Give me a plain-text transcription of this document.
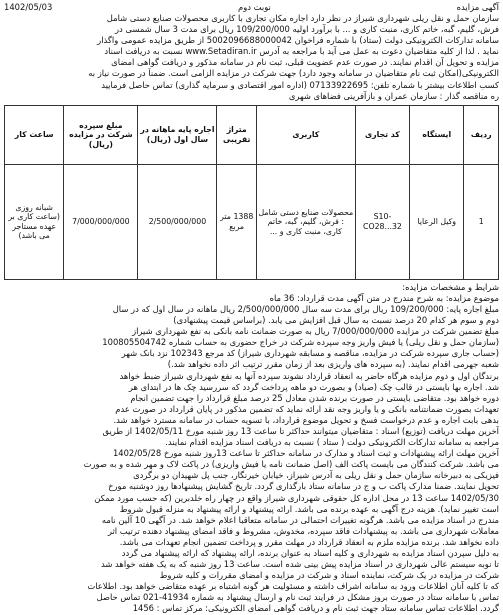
آگهی مزایده
نوبت دوم
1402/05/03
سازمان حمل و نقل ریلی شهرداری شیراز در نظر دارد اجاره مکان تجاری با کاربری محصولات صنایع دستی شامل
فرش، گلیم، گبه، خاتم کاری، منبت کاری و ... با برآورد اولیه 109/200/000 ریال برای مدت 3 سال شمسی در
سامانه تدارکات الکترونیکی دولت (ستاد) با شماره فراخوان 5002096688000042 از طریق مزایده عمومی واگذار
نماید . لذا از کلیه متقاضیان دعوت به عمل می آید با مراجعه به آدرس www.Setadiran.ir نسبت به دریافت اسناد
مزایده و تحویل آن اقدام نمایند. در صورت عدم عضویت قبلی، ثبت نام در سامانه مذکور و دریافت گواهی امضای
الکترونیکی(امکان ثبت نام متقاضیان در سامانه وجود دارد) جهت شرکت در مزایده الزامی است. ضمناً در صورت نیاز به
کسب اطلاعات بیشتر با شماره تلفن: 07133922695 (اداره امور اقتصادی و سرمایه گذاری) تماس حاصل فرمایید
ره مناقصه گذار : سازمان عمران و بازآفرینی فضاهای شهری
ردیف	ایستگاه	کد تجاری	کاربری	متراژ تقریبی	اجاره پایه ماهانه در سال اول (ریال)	مبلغ سپرده شرکت در مزایده (ریال)	ساعت کار
1	وکیل الرعایا	S10-CO28...32	محصولات صنایع دستی شامل : فرش، گلیم، گبه، خاتم کاری، منبت کاری و ...	1388 متر مربع	2/500/000/000	7/000/000/000	شبانه روزی (ساعت کاری بر عهده مستاجر می باشد)
شرایط و مشخصات مزایده:
موضوع مزایده: به شرح مندرج در متن آگهی مدت قرارداد: 36 ماه
مبلغ اجاره پایه: 109/200/000 ریال برای مدت سه سال 2/500/000/000 ریال ماهانه در سال اول که در سال
دوم و سوم هر کدام 20 درصد نسبت به سال قبل افزایش می یابد. (براساس قیمت پیشنهادی)
مبلغ تضمین شرکت در مزایده 7/000/000/000 ریال به صورت ضمانت نامه بانکی به نفع شهرداری شیراز
(سازمان حمل و نقل ریلی) یا فیش واریز وجه سپرده شرکت در خراج حضوری به حساب شماره 100805504742
(حساب جاری سپرده شرکت در مزایده، مناقصه و مسابقه شهرداری شیراز) کد مرجع 102343 نزد بانک شهر
شعبه جهرمی اقدام نمایند. (به سپرده های واریزی بعد از زمان مقرر ترتیب اثر داده نخواهد شد.)
برندگان اول و دوم مزایده هرگاه حاضر به انعقاد قرارداد نشوند سپرده آنها به نفع شهرداری شیراز ضبط خواهد
شد. اجاره بها بایستی در قالب چک (صیاد) و بصورت دو ماهه پرداخت گردد که سررسید چک ها در ابتدای هر
دوره خواهد بود. متقاضی بایستی در صورت برنده شدن معادل 25 درصد مبلغ قرارداد را جهت تضمین انجام
تعهدات بصورت ضمانتنامه بانکی و یا واریز وجه نقد ارائه نماید که تضمین مذکور در پایان قرارداد در صورت عدم
بدهی بابت اجاره و عدم درخواست فسخ و تحویل موضوع قرارداد، با تسویه حساب در سامانه مسترد خواهد شد.
آخرین مهلت دریافت (توزیع) اسناد : متقاضیان میتوانند حداکثر تا ساعت 13 روز شنبه مورخ 1402/05/11 از طریق
مراجعه به سامانه تدارکات الکترونیکی دولت ( ستاد ) نسبت به دریافت اسناد مزایده اقدام نمایند.
آخرین مهلت ارائه پیشنهادات و ثبت اسناد و مدارک در سامانه حداکثر تا ساعت 13روز شنبه مورخ 1402/05/28
می باشد. شرکت کنندگان می بایست پاکت الف (اصل ضمانت نامه یا فیش واریزی) در پاکت لاک و مهر شده و به صورت
فیزیکی به دبیرخانه سازمان حمل و نقل ریلی به آدرس شیراز، خیابان خیرنگار، جنب پل شهیدان دو برگردی
تحویل نمایند. ضمنا مدارک پاکت ب و ج در سامانه ستاد بارگذاری گردد. تاریخ گشایش پیشنهادها روز دوشنبه مورخ
1402/05/30 ساعت 13 در محل اداره کل حقوقی شهرداری شیراز واقع در چهار راه خلدبرین (که حسب مورد ممکن
است تغییر نماید). هزینه درج آگهی به عهده برنده می باشد. ارائه پیشنهاد و ارائه پیشنهاد به منزله قبول شروط
مندرج در اسناد مزایده می باشد. هرگونه تغییرات احتمالی در سامانه متعاقبا اعلام خواهد شد. در آگهی 10 آلین نامه
معاملات شهرداری می باشد. به پیشنهادات فاقد سپرده، مخدوش، مشروط و فاقد امضای پیشنهاد دهنده ترتیب اثر
داده نخواهد شد. برنده مزایده ملزم به انعقاد قرارداد در مهلت مقرر و پرداخت تضمین انجام تعهدات می باشد.
به دلیل سپردن اسناد مزایده به شهرداری و کلیه اسناد به عنوان برنده، ارائه پیشنهاد که ارائه پیشنهاد می گردد
تا نوبه سیستم عالی شهرداری در اسناد مزایده پیش بینی شده است. ساعت 13 روز شنبه که به یک هفته خواهد شد
شرکت در مزایده در یک شرکت، نماینده اسناد و شرکت در مزایده و امضای مقررات و کلیه شروط
که تا کلیه آنان اطلاعات ورود به سامانه اشراف داشته و مسئولیت هر گونه اشتباه بر عهده متقاضی خواهد بود. اطلاعات
تماس با سامانه ستاد در صورت بروز مشکل در فرایند ثبت نام و ارسال پیشنهاد به شماره 41934-021 تماس حاصل
گردد. اطلاعات تماس سامانه ستاد جهت ثبت نام و دریافت گواهی امضای الکترونیکی: مرکز تماس : 1456
